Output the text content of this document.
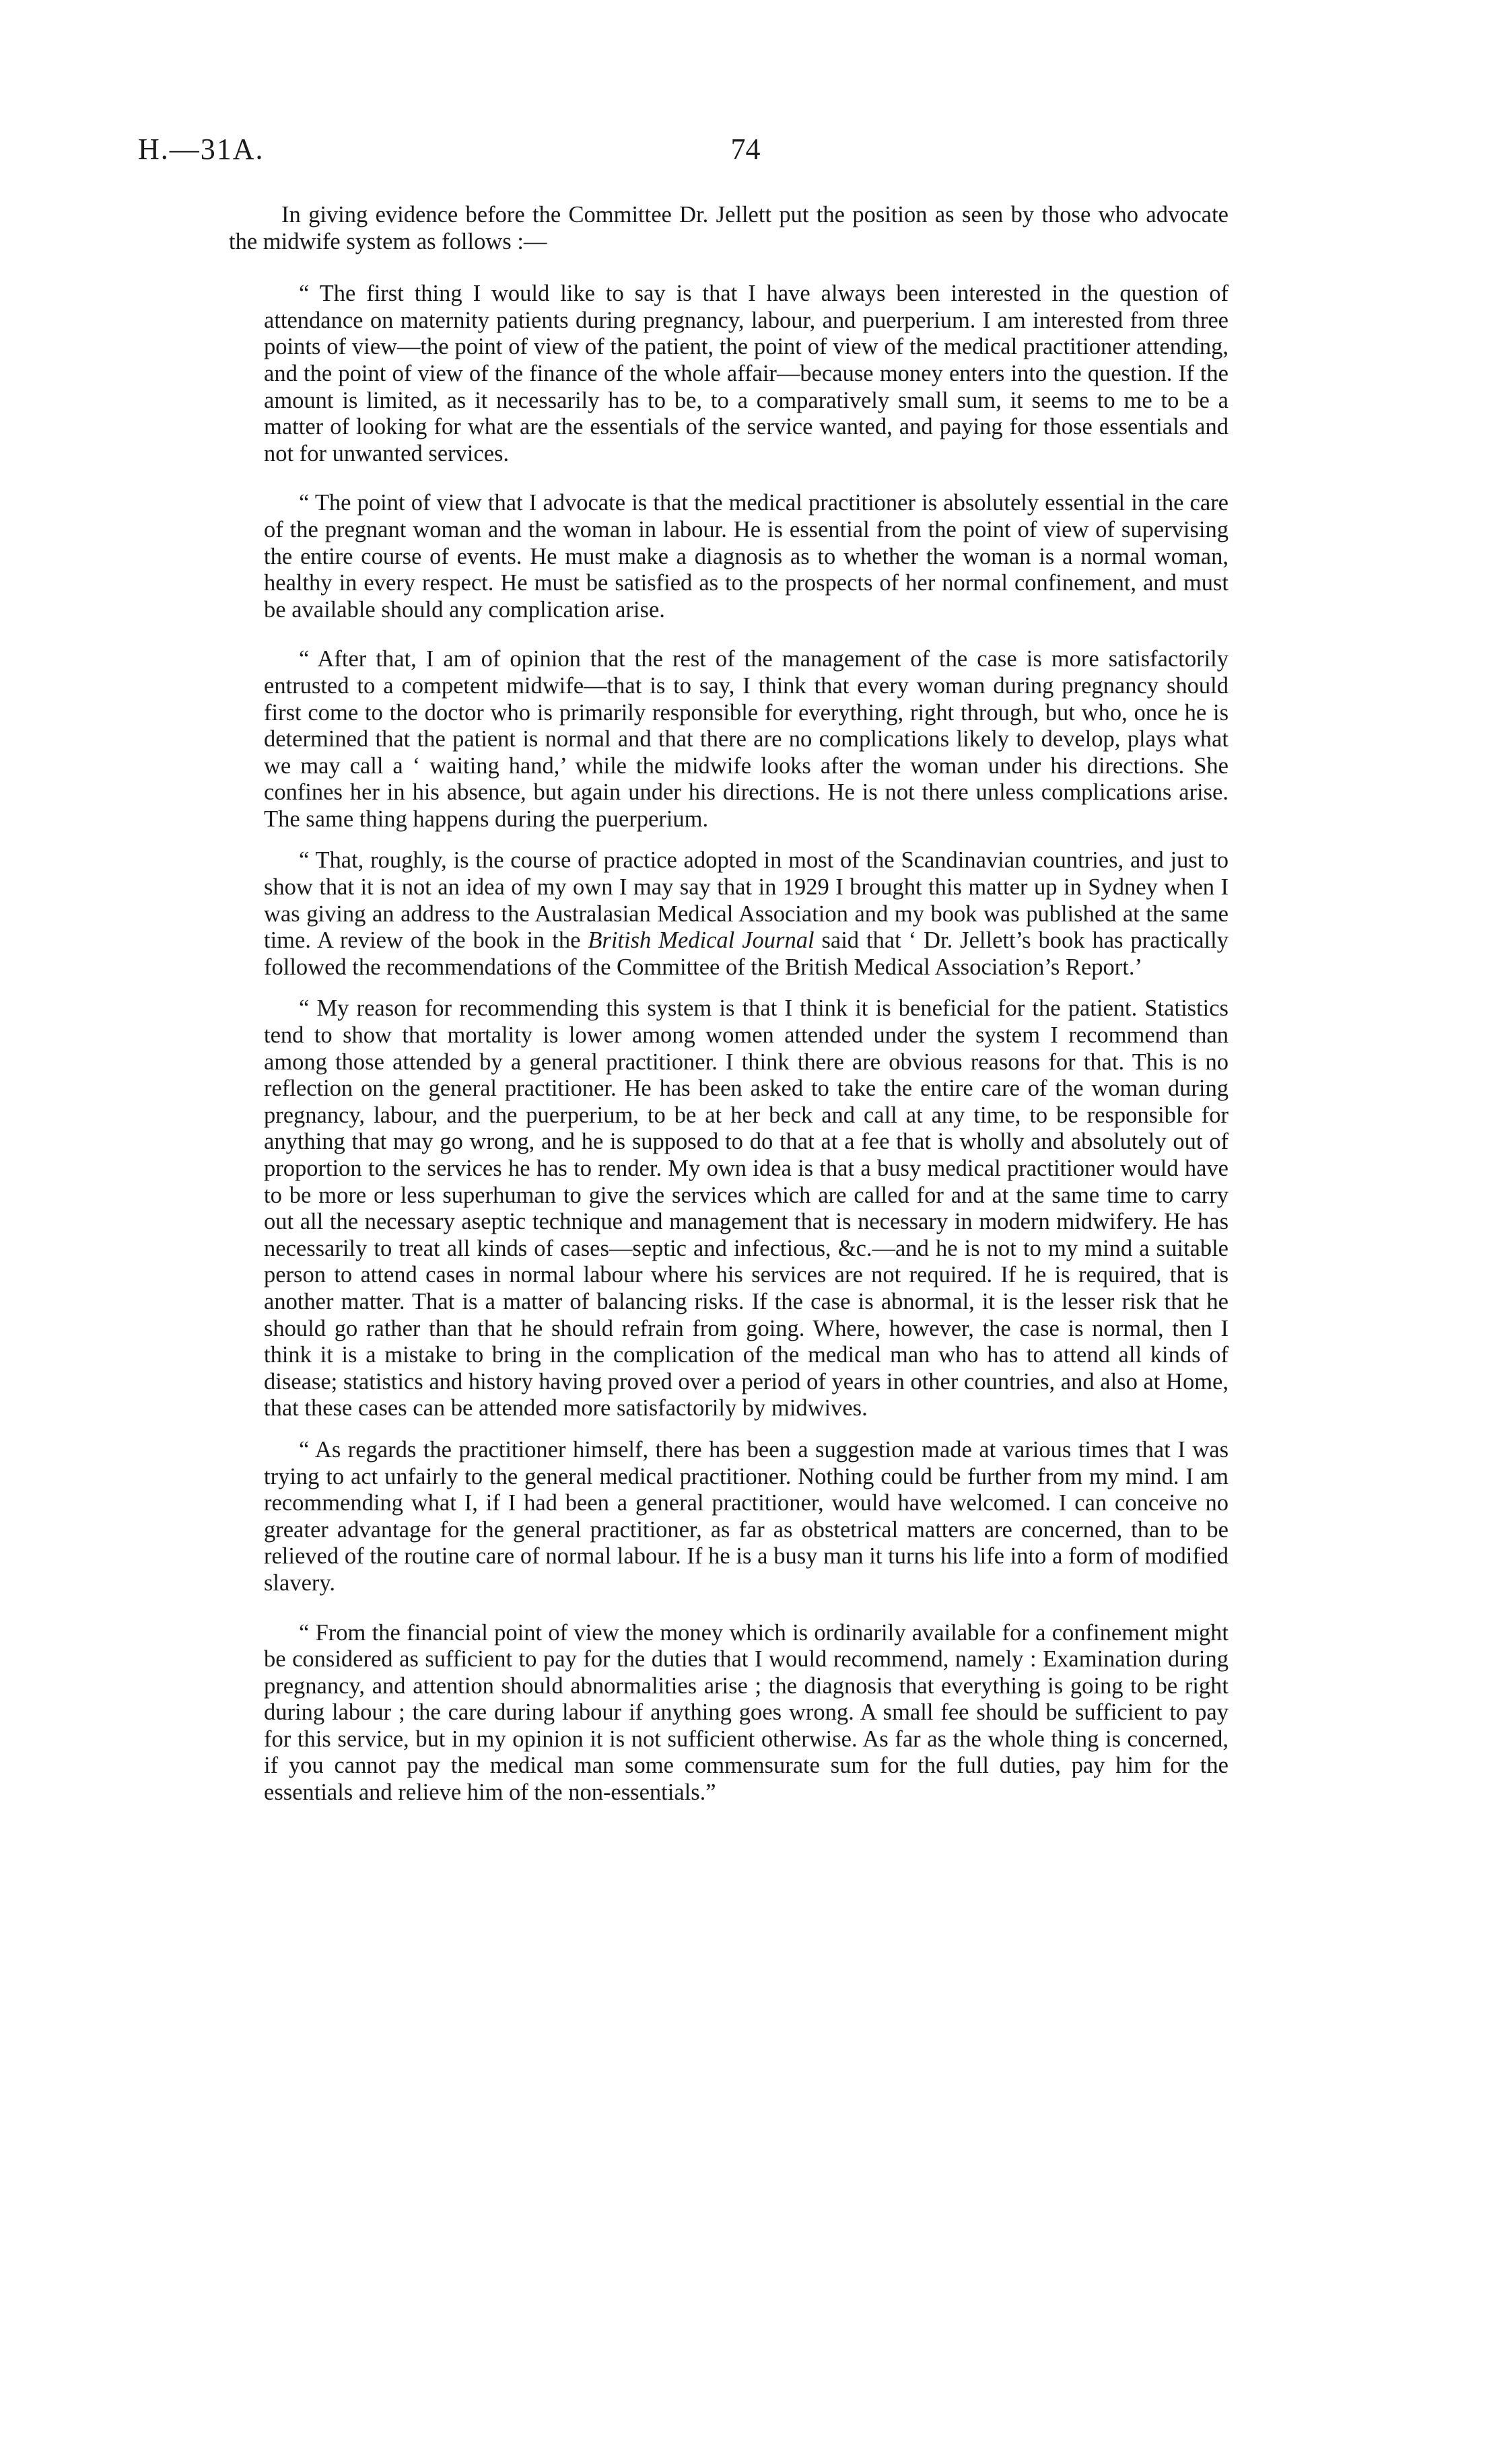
H.—31A.	74

In giving evidence before the Committee Dr. Jellett put the position as seen by those who advocate the midwife system as follows :—

“ The first thing I would like to say is that I have always been interested in the question of attendance on maternity patients during pregnancy, labour, and puerperium. I am interested from three points of view—the point of view of the patient, the point of view of the medical practitioner attending, and the point of view of the finance of the whole affair—because money enters into the question. If the amount is limited, as it necessarily has to be, to a comparatively small sum, it seems to me to be a matter of looking for what are the essentials of the service wanted, and paying for those essentials and not for unwanted services.

“ The point of view that I advocate is that the medical practitioner is absolutely essential in the care of the pregnant woman and the woman in labour. He is essential from the point of view of supervising the entire course of events. He must make a diagnosis as to whether the woman is a normal woman, healthy in every respect. He must be satisfied as to the prospects of her normal confinement, and must be available should any complication arise.

“ After that, I am of opinion that the rest of the management of the case is more satisfactorily entrusted to a competent midwife—that is to say, I think that every woman during pregnancy should first come to the doctor who is primarily responsible for everything, right through, but who, once he is determined that the patient is normal and that there are no complications likely to develop, plays what we may call a ‘ waiting hand,’ while the midwife looks after the woman under his directions. She confines her in his absence, but again under his directions. He is not there unless complications arise. The same thing happens during the puerperium.

“ That, roughly, is the course of practice adopted in most of the Scandinavian countries, and just to show that it is not an idea of my own I may say that in 1929 I brought this matter up in Sydney when I was giving an address to the Australasian Medical Association and my book was published at the same time. A review of the book in the British Medical Journal said that ‘ Dr. Jellett’s book has practically followed the recommendations of the Committee of the British Medical Association’s Report.’

“ My reason for recommending this system is that I think it is beneficial for the patient. Statistics tend to show that mortality is lower among women attended under the system I recommend than among those attended by a general practitioner. I think there are obvious reasons for that. This is no reflection on the general practitioner. He has been asked to take the entire care of the woman during pregnancy, labour, and the puerperium, to be at her beck and call at any time, to be responsible for anything that may go wrong, and he is supposed to do that at a fee that is wholly and absolutely out of proportion to the services he has to render. My own idea is that a busy medical practitioner would have to be more or less superhuman to give the services which are called for and at the same time to carry out all the necessary aseptic technique and management that is necessary in modern midwifery. He has necessarily to treat all kinds of cases—septic and infectious, &c.—and he is not to my mind a suitable person to attend cases in normal labour where his services are not required. If he is required, that is another matter. That is a matter of balancing risks. If the case is abnormal, it is the lesser risk that he should go rather than that he should refrain from going. Where, however, the case is normal, then I think it is a mistake to bring in the complication of the medical man who has to attend all kinds of disease; statistics and history having proved over a period of years in other countries, and also at Home, that these cases can be attended more satisfactorily by midwives.

“ As regards the practitioner himself, there has been a suggestion made at various times that I was trying to act unfairly to the general medical practitioner. Nothing could be further from my mind. I am recommending what I, if I had been a general practitioner, would have welcomed. I can conceive no greater advantage for the general practitioner, as far as obstetrical matters are concerned, than to be relieved of the routine care of normal labour. If he is a busy man it turns his life into a form of modified slavery.

“ From the financial point of view the money which is ordinarily available for a confinement might be considered as sufficient to pay for the duties that I would recommend, namely : Examination during pregnancy, and attention should abnormalities arise ; the diagnosis that everything is going to be right during labour ; the care during labour if anything goes wrong. A small fee should be sufficient to pay for this service, but in my opinion it is not sufficient otherwise. As far as the whole thing is concerned, if you cannot pay the medical man some commensurate sum for the full duties, pay him for the essentials and relieve him of the non-essentials.”
